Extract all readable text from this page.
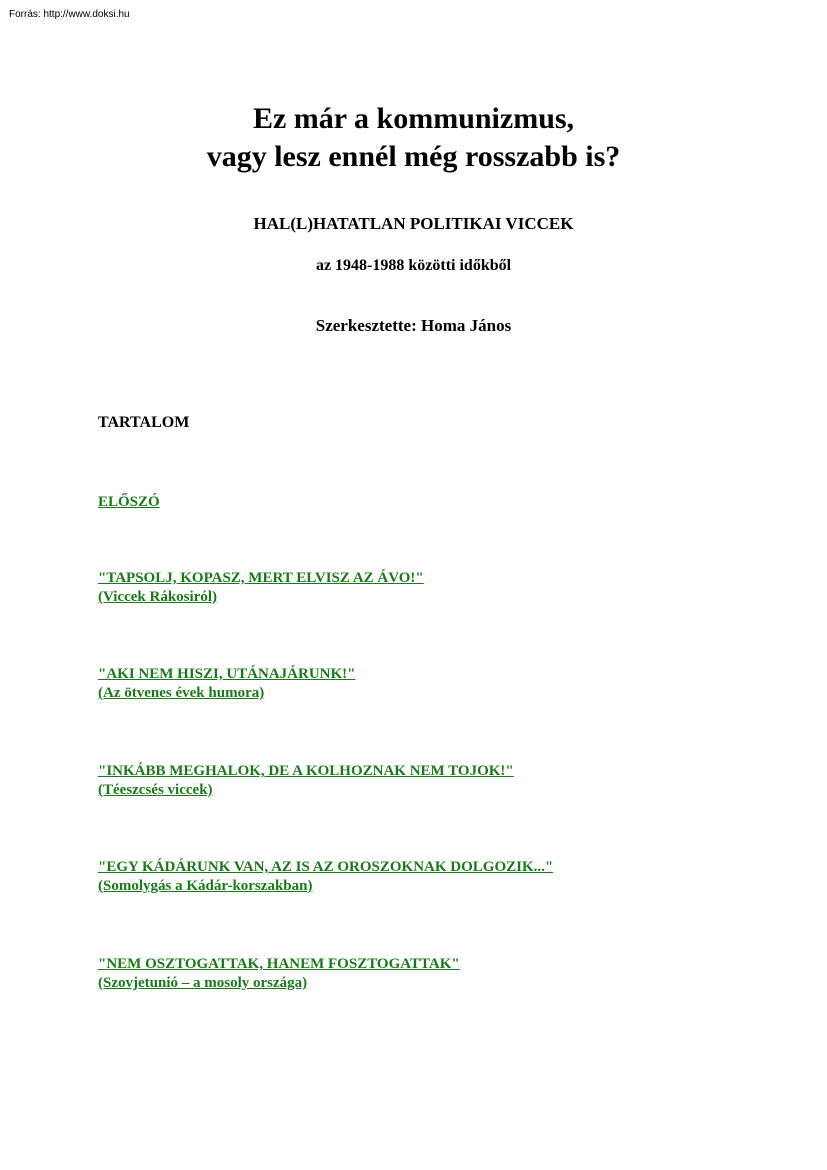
Forrás: http://www.doksi.hu
Ez már a kommunizmus,
vagy lesz ennél még rosszabb is?

HAL(L)HATATLAN POLITIKAI VICCEK

az 1948-1988 közötti időkből

Szerkesztette: Homa János

TARTALOM
ELŐSZÓ
"TAPSOLJ, KOPASZ, MERT ELVISZ AZ ÁVO!"
(Viccek Rákosiról)
"AKI NEM HISZI, UTÁNAJÁRUNK!"
(Az ötvenes évek humora)
"INKÁBB MEGHALOK, DE A KOLHOZNAK NEM TOJOK!"
(Téeszcsés viccek)
"EGY KÁDÁRUNK VAN, AZ IS AZ OROSZOKNAK DOLGOZIK..."
(Somolygás a Kádár-korszakban)
"NEM OSZTOGATTAK, HANEM FOSZTOGATTAK"
(Szovjetunió – a mosoly országa)
